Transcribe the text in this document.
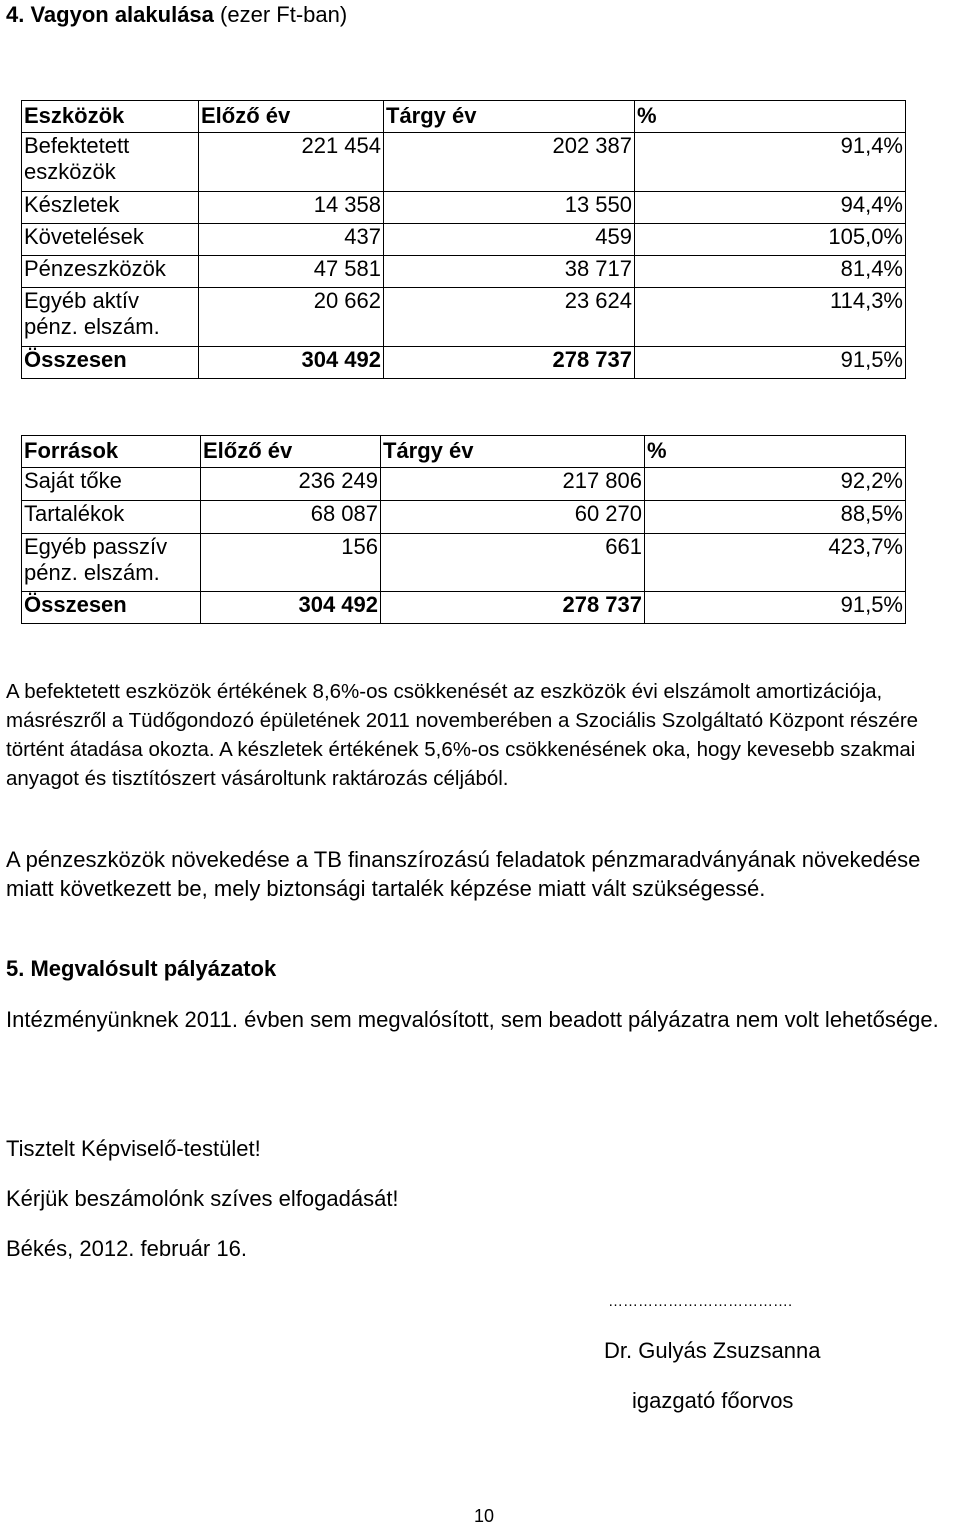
4. Vagyon alakulása (ezer Ft-ban)
Eszközök	Előző év	Tárgy év	%
Befektetett eszközök	221 454	202 387	91,4%
Készletek	14 358	13 550	94,4%
Követelések	437	459	105,0%
Pénzeszközök	47 581	38 717	81,4%
Egyéb aktív pénz. elszám.	20 662	23 624	114,3%
Összesen	304 492	278 737	91,5%
Források	Előző év	Tárgy év	%
Saját tőke	236 249	217 806	92,2%
Tartalékok	68 087	60 270	88,5%
Egyéb passzív pénz. elszám.	156	661	423,7%
Összesen	304 492	278 737	91,5%

A befektetett eszközök értékének 8,6%-os csökkenését az eszközök évi elszámolt amortizációja, másrészről a Tüdőgondozó épületének 2011 novemberében a Szociális Szolgáltató Központ részére történt átadása okozta. A készletek értékének 5,6%-os csökkenésének oka, hogy kevesebb szakmai anyagot és tisztítószert vásároltunk raktározás céljából.

A pénzeszközök növekedése a TB finanszírozású feladatok pénzmaradványának növekedése miatt következett be, mely biztonsági tartalék képzése miatt vált szükségessé.

5. Megvalósult pályázatok

Intézményünknek 2011. évben sem megvalósított, sem beadott pályázatra nem volt lehetősége.

Tisztelt Képviselő-testület!
Kérjük beszámolónk szíves elfogadását!
Békés, 2012. február 16.
……………………………….
Dr. Gulyás Zsuzsanna
igazgató főorvos
10
